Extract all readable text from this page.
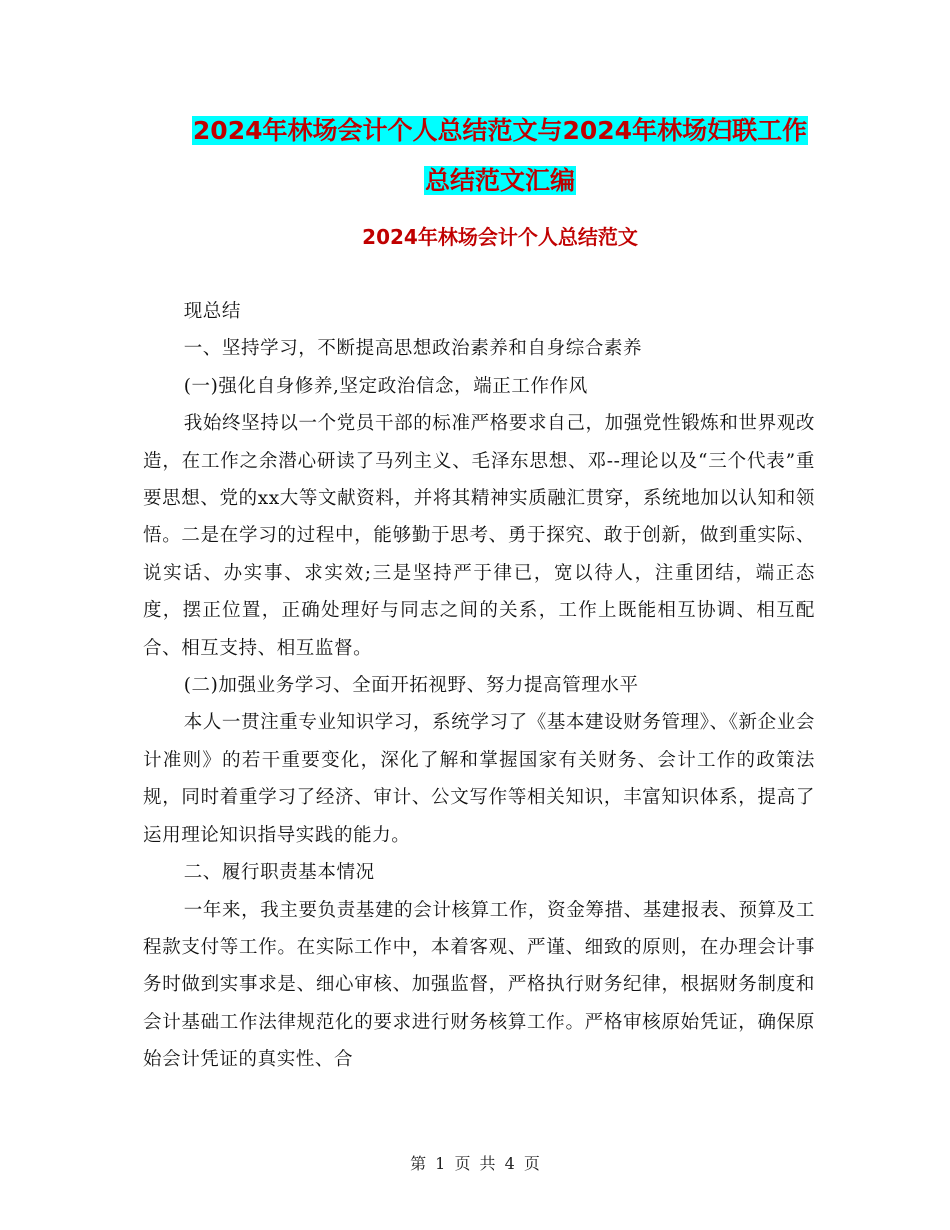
2024年林场会计个人总结范文与2024年林场妇联工作
总结范文汇编
2024年林场会计个人总结范文

现总结

一、坚持学习，不断提高思想政治素养和自身综合素养

(一)强化自身修养,坚定政治信念，端正工作作风

我始终坚持以一个党员干部的标准严格要求自己，加强党性锻炼和世界观改造，在工作之余潜心研读了马列主义、毛泽东思想、邓--理论以及“三个代表”重要思想、党的xx大等文献资料，并将其精神实质融汇贯穿，系统地加以认知和领悟。二是在学习的过程中，能够勤于思考、勇于探究、敢于创新，做到重实际、说实话、办实事、求实效;三是坚持严于律已，宽以待人，注重团结，端正态度，摆正位置，正确处理好与同志之间的关系，工作上既能相互协调、相互配合、相互支持、相互监督。

(二)加强业务学习、全面开拓视野、努力提高管理水平

本人一贯注重专业知识学习，系统学习了《基本建设财务管理》、《新企业会计准则》的若干重要变化，深化了解和掌握国家有关财务、会计工作的政策法规，同时着重学习了经济、审计、公文写作等相关知识，丰富知识体系，提高了运用理论知识指导实践的能力。

二、履行职责基本情况

一年来，我主要负责基建的会计核算工作，资金筹措、基建报表、预算及工程款支付等工作。在实际工作中，本着客观、严谨、细致的原则，在办理会计事务时做到实事求是、细心审核、加强监督，严格执行财务纪律，根据财务制度和会计基础工作法律规范化的要求进行财务核算工作。严格审核原始凭证，确保原始会计凭证的真实性、合

第 1 页 共 4 页
